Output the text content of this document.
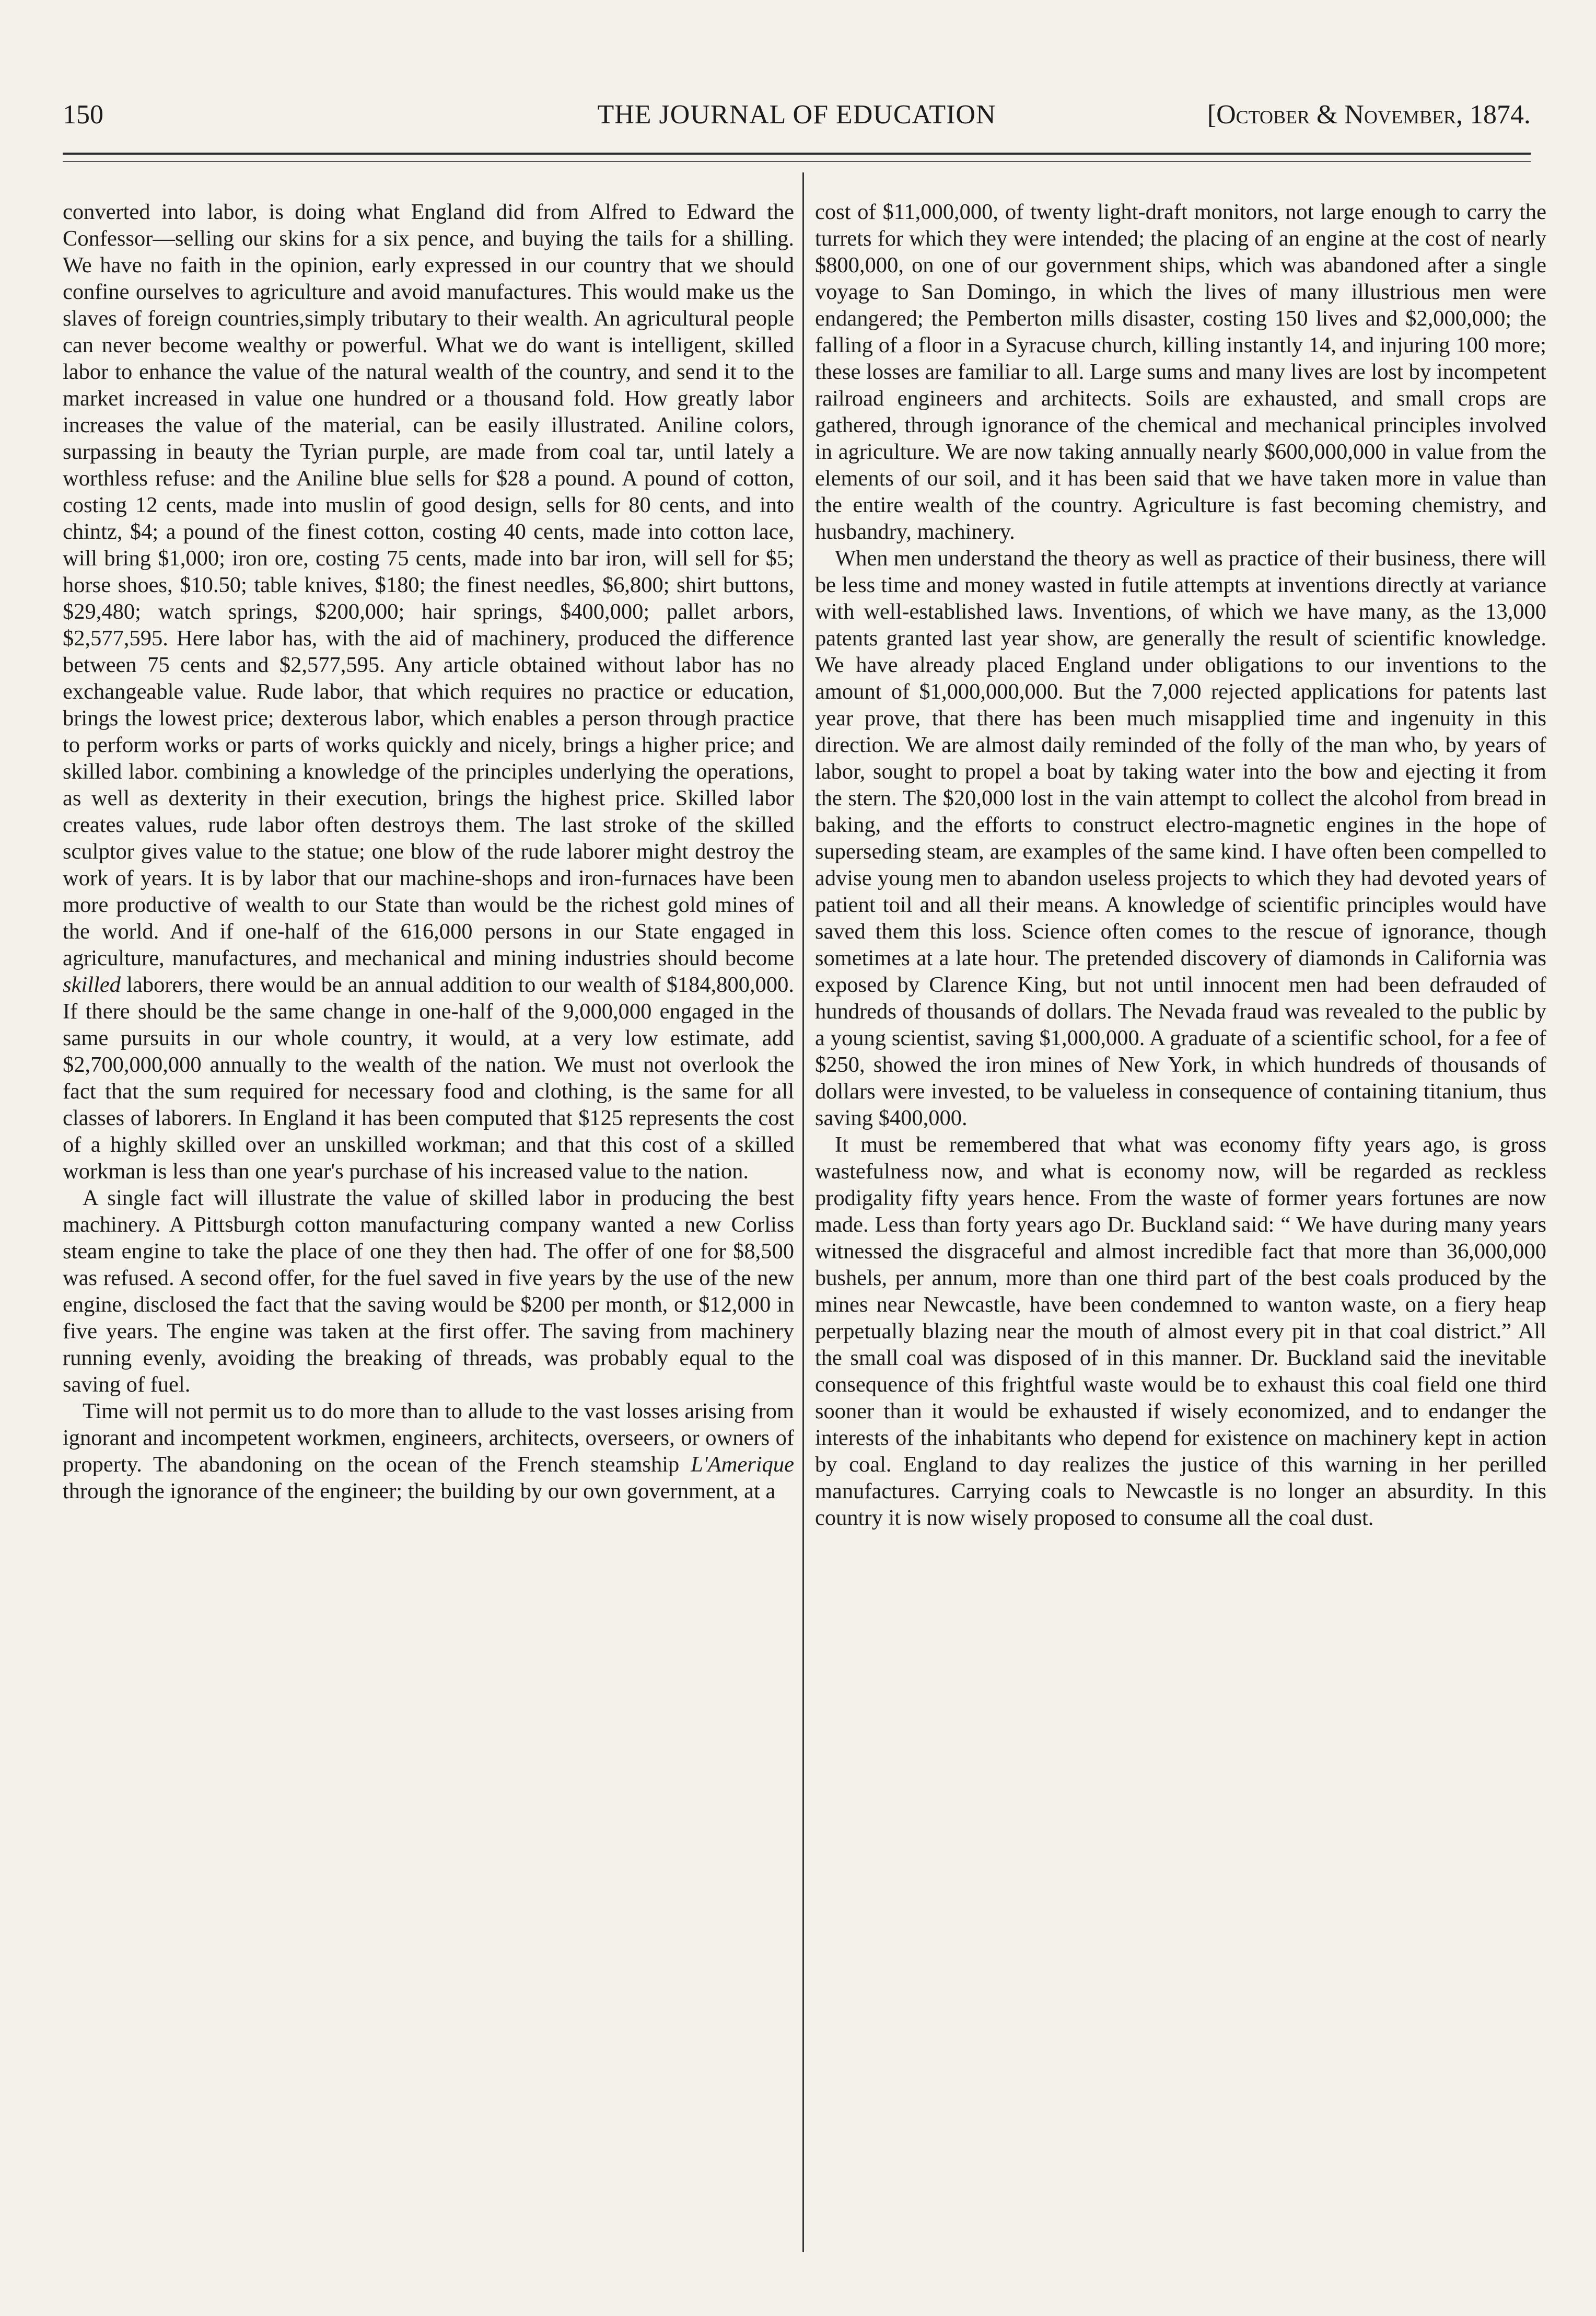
150	THE JOURNAL OF EDUCATION	[October & November, 1874.

converted into labor, is doing what England did from Alfred to Edward the Confessor—selling our skins for a six pence, and buying the tails for a shilling. We have no faith in the opinion, early expressed in our country that we should confine ourselves to agriculture and avoid manufactures. This would make us the slaves of foreign countries,simply tributary to their wealth. An agricultural people can never become wealthy or powerful. What we do want is intelligent, skilled labor to enhance the value of the natural wealth of the country, and send it to the market increased in value one hundred or a thousand fold. How greatly labor increases the value of the material, can be easily illustrated. Aniline colors, surpassing in beauty the Tyrian purple, are made from coal tar, until lately a worthless refuse: and the Aniline blue sells for $28 a pound. A pound of cotton, costing 12 cents, made into muslin of good design, sells for 80 cents, and into chintz, $4; a pound of the finest cotton, costing 40 cents, made into cotton lace, will bring $1,000; iron ore, costing 75 cents, made into bar iron, will sell for $5; horse shoes, $10.50; table knives, $180; the finest needles, $6,800; shirt buttons, $29,480; watch springs, $200,000; hair springs, $400,000; pallet arbors, $2,577,595. Here labor has, with the aid of machinery, produced the difference between 75 cents and $2,577,595. Any article obtained without labor has no exchangeable value. Rude labor, that which requires no practice or education, brings the lowest price; dexterous labor, which enables a person through practice to perform works or parts of works quickly and nicely, brings a higher price; and skilled labor. combining a knowledge of the principles underlying the operations, as well as dexterity in their execution, brings the highest price. Skilled labor creates values, rude labor often destroys them. The last stroke of the skilled sculptor gives value to the statue; one blow of the rude laborer might destroy the work of years. It is by labor that our machine-shops and iron-furnaces have been more productive of wealth to our State than would be the richest gold mines of the world. And if one-half of the 616,000 persons in our State engaged in agriculture, manufactures, and mechanical and mining industries should become skilled laborers, there would be an annual addition to our wealth of $184,800,000. If there should be the same change in one-half of the 9,000,000 engaged in the same pursuits in our whole country, it would, at a very low estimate, add $2,700,000,000 annually to the wealth of the nation. We must not overlook the fact that the sum required for necessary food and clothing, is the same for all classes of laborers. In England it has been computed that $125 represents the cost of a highly skilled over an unskilled workman; and that this cost of a skilled workman is less than one year's purchase of his increased value to the nation.

A single fact will illustrate the value of skilled labor in producing the best machinery. A Pittsburgh cotton manufacturing company wanted a new Corliss steam engine to take the place of one they then had. The offer of one for $8,500 was refused. A second offer, for the fuel saved in five years by the use of the new engine, disclosed the fact that the saving would be $200 per month, or $12,000 in five years. The engine was taken at the first offer. The saving from machinery running evenly, avoiding the breaking of threads, was probably equal to the saving of fuel.

Time will not permit us to do more than to allude to the vast losses arising from ignorant and incompetent workmen, engineers, architects, overseers, or owners of property. The abandoning on the ocean of the French steamship L'Amerique through the ignorance of the engineer; the building by our own government, at a

cost of $11,000,000, of twenty light-draft monitors, not large enough to carry the turrets for which they were intended; the placing of an engine at the cost of nearly $800,000, on one of our government ships, which was abandoned after a single voyage to San Domingo, in which the lives of many illustrious men were endangered; the Pemberton mills disaster, costing 150 lives and $2,000,000; the falling of a floor in a Syracuse church, killing instantly 14, and injuring 100 more; these losses are familiar to all. Large sums and many lives are lost by incompetent railroad engineers and architects. Soils are exhausted, and small crops are gathered, through ignorance of the chemical and mechanical principles involved in agriculture. We are now taking annually nearly $600,000,000 in value from the elements of our soil, and it has been said that we have taken more in value than the entire wealth of the country. Agriculture is fast becoming chemistry, and husbandry, machinery.

When men understand the theory as well as practice of their business, there will be less time and money wasted in futile attempts at inventions directly at variance with well-established laws. Inventions, of which we have many, as the 13,000 patents granted last year show, are generally the result of scientific knowledge. We have already placed England under obligations to our inventions to the amount of $1,000,000,000. But the 7,000 rejected applications for patents last year prove, that there has been much misapplied time and ingenuity in this direction. We are almost daily reminded of the folly of the man who, by years of labor, sought to propel a boat by taking water into the bow and ejecting it from the stern. The $20,000 lost in the vain attempt to collect the alcohol from bread in baking, and the efforts to construct electro-magnetic engines in the hope of superseding steam, are examples of the same kind. I have often been compelled to advise young men to abandon useless projects to which they had devoted years of patient toil and all their means. A knowledge of scientific principles would have saved them this loss. Science often comes to the rescue of ignorance, though sometimes at a late hour. The pretended discovery of diamonds in California was exposed by Clarence King, but not until innocent men had been defrauded of hundreds of thousands of dollars. The Nevada fraud was revealed to the public by a young scientist, saving $1,000,000. A graduate of a scientific school, for a fee of $250, showed the iron mines of New York, in which hundreds of thousands of dollars were invested, to be valueless in consequence of containing titanium, thus saving $400,000.

It must be remembered that what was economy fifty years ago, is gross wastefulness now, and what is economy now, will be regarded as reckless prodigality fifty years hence. From the waste of former years fortunes are now made. Less than forty years ago Dr. Buckland said: “ We have during many years witnessed the disgraceful and almost incredible fact that more than 36,000,000 bushels, per annum, more than one third part of the best coals produced by the mines near Newcastle, have been condemned to wanton waste, on a fiery heap perpetually blazing near the mouth of almost every pit in that coal district.” All the small coal was disposed of in this manner. Dr. Buckland said the inevitable consequence of this frightful waste would be to exhaust this coal field one third sooner than it would be exhausted if wisely economized, and to endanger the interests of the inhabitants who depend for existence on machinery kept in action by coal. England to day realizes the justice of this warning in her perilled manufactures. Carrying coals to Newcastle is no longer an absurdity. In this country it is now wisely proposed to consume all the coal dust.
